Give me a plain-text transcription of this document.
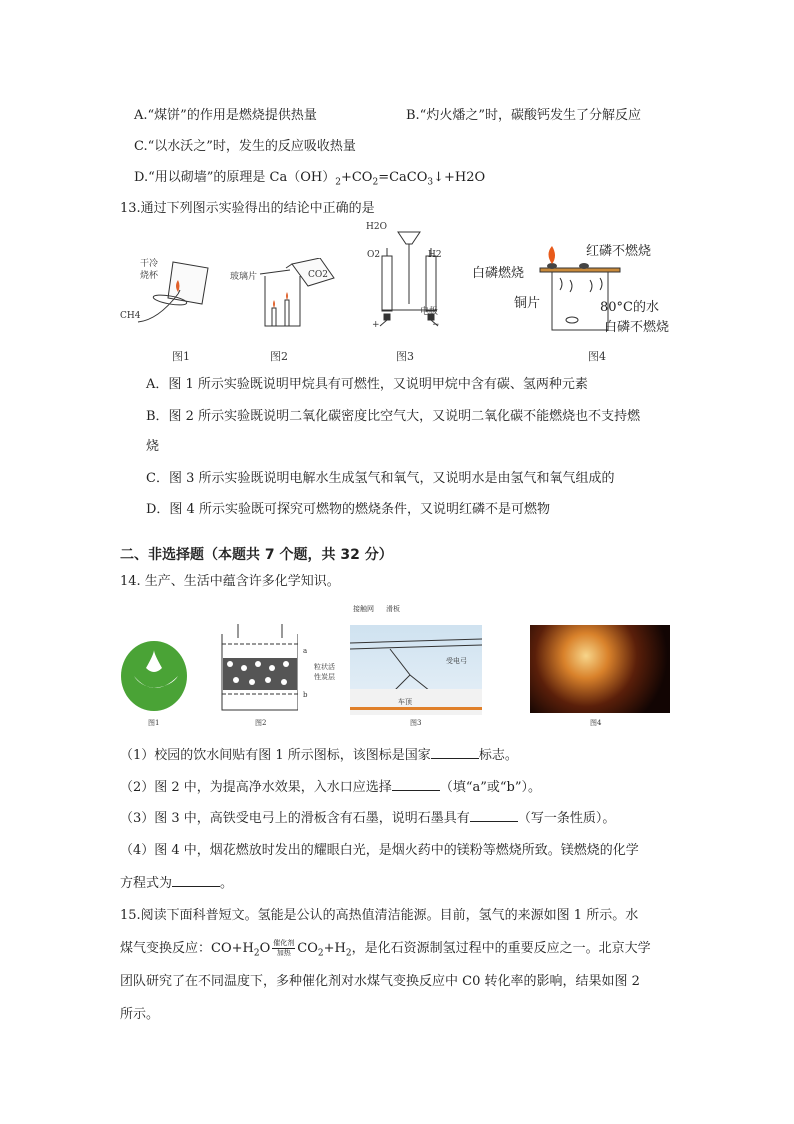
A.“煤饼”的作用是燃烧提供热量	B.“灼火燔之”时，碳酸钙发生了分解反应
C.“以水沃之”时，发生的反应吸收热量
D.“用以砌墙”的原理是 $Ca(OH)_2+CO_2=CaCO_3↓+H2O$
13.通过下列图示实验得出的结论中正确的是
干冷
烧杯
CH4
玻璃片	CO2
H2O
O2	H2
电极
+	−
红磷不燃烧
白磷燃烧
铜片	80°C的水
白磷不燃烧
图1	图2	图3	图4
A．图 1 所示实验既说明甲烷具有可燃性，又说明甲烷中含有碳、氢两种元素
B．图 2 所示实验既说明二氧化碳密度比空气大，又说明二氧化碳不能燃烧也不支持燃
烧
C．图 3 所示实验既说明电解水生成氢气和氧气，又说明水是由氢气和氧气组成的
D．图 4 所示实验既可探究可燃物的燃烧条件，又说明红磷不是可燃物
二、非选择题（本题共 7 个题，共 32 分）
14. 生产、生活中蕴含许多化学知识。
图1
a
粒状活
性炭层
b
图2
接触网 滑板
受电弓
车顶
图3	图4
（1）校园的饮水间贴有图 1 所示图标，该图标是国家	标志。
（2）图 2 中，为提高净水效果，入水口应选择	（填“a”或“b”）。
（3）图 3 中，高铁受电弓上的滑板含有石墨，说明石墨具有	（写一条性质）。
（4）图 4 中，烟花燃放时发出的耀眼白光，是烟火药中的镁粉等燃烧所致。镁燃烧的化学
方程式为	。
15.阅读下面科普短文。氢能是公认的高热值清洁能源。目前，氢气的来源如图 1 所示。水
煤气变换反应：$CO+H_2O \frac{\text{催化剂}}{\text{加热}} CO_2+H_2$，是化石资源制氢过程中的重要反应之一。北京大学
团队研究了在不同温度下，多种催化剂对水煤气变换反应中 C0 转化率的影响，结果如图 2
所示。
